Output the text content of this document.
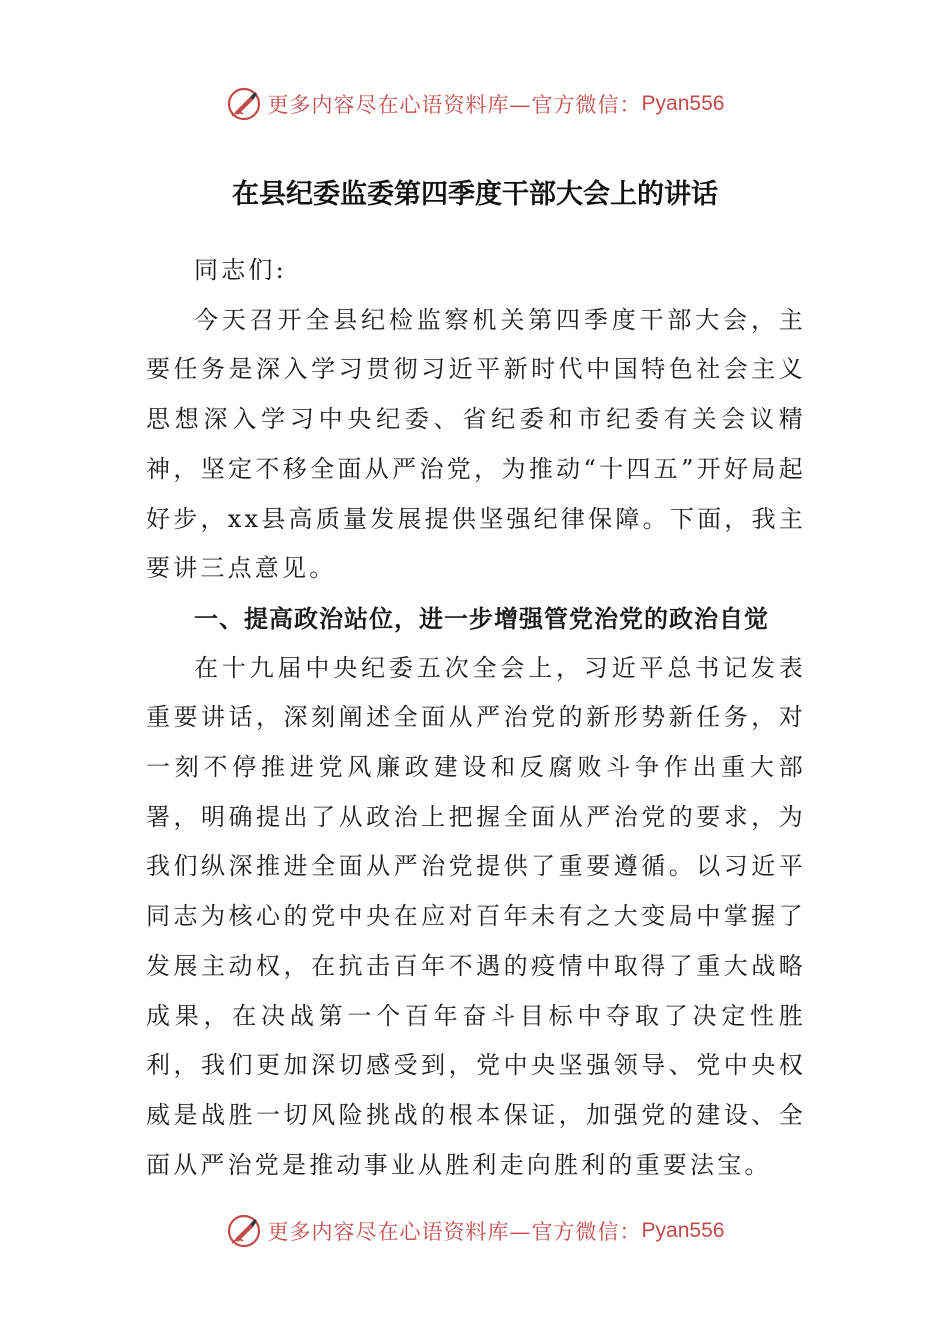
更多内容尽在心语资料库—官方微信： Pyan556
在县纪委监委第四季度干部大会上的讲话

同志们:

今天召开全县纪检监察机关第四季度干部大会，主要任务是深入学习贯彻习近平新时代中国特色社会主义思想深入学习中央纪委、省纪委和市纪委有关会议精神，坚定不移全面从严治党，为推动“十四五”开好局起好步，xx县高质量发展提供坚强纪律保障。下面，我主要讲三点意见。

一、提高政治站位，进一步增强管党治党的政治自觉

在十九届中央纪委五次全会上，习近平总书记发表重要讲话，深刻阐述全面从严治党的新形势新任务，对一刻不停推进党风廉政建设和反腐败斗争作出重大部署，明确提出了从政治上把握全面从严治党的要求，为我们纵深推进全面从严治党提供了重要遵循。以习近平同志为核心的党中央在应对百年未有之大变局中掌握了发展主动权，在抗击百年不遇的疫情中取得了重大战略成果，在决战第一个百年奋斗目标中夺取了决定性胜利，我们更加深切感受到，党中央坚强领导、党中央权威是战胜一切风险挑战的根本保证，加强党的建设、全面从严治党是推动事业从胜利走向胜利的重要法宝。

更多内容尽在心语资料库—官方微信： Pyan556
